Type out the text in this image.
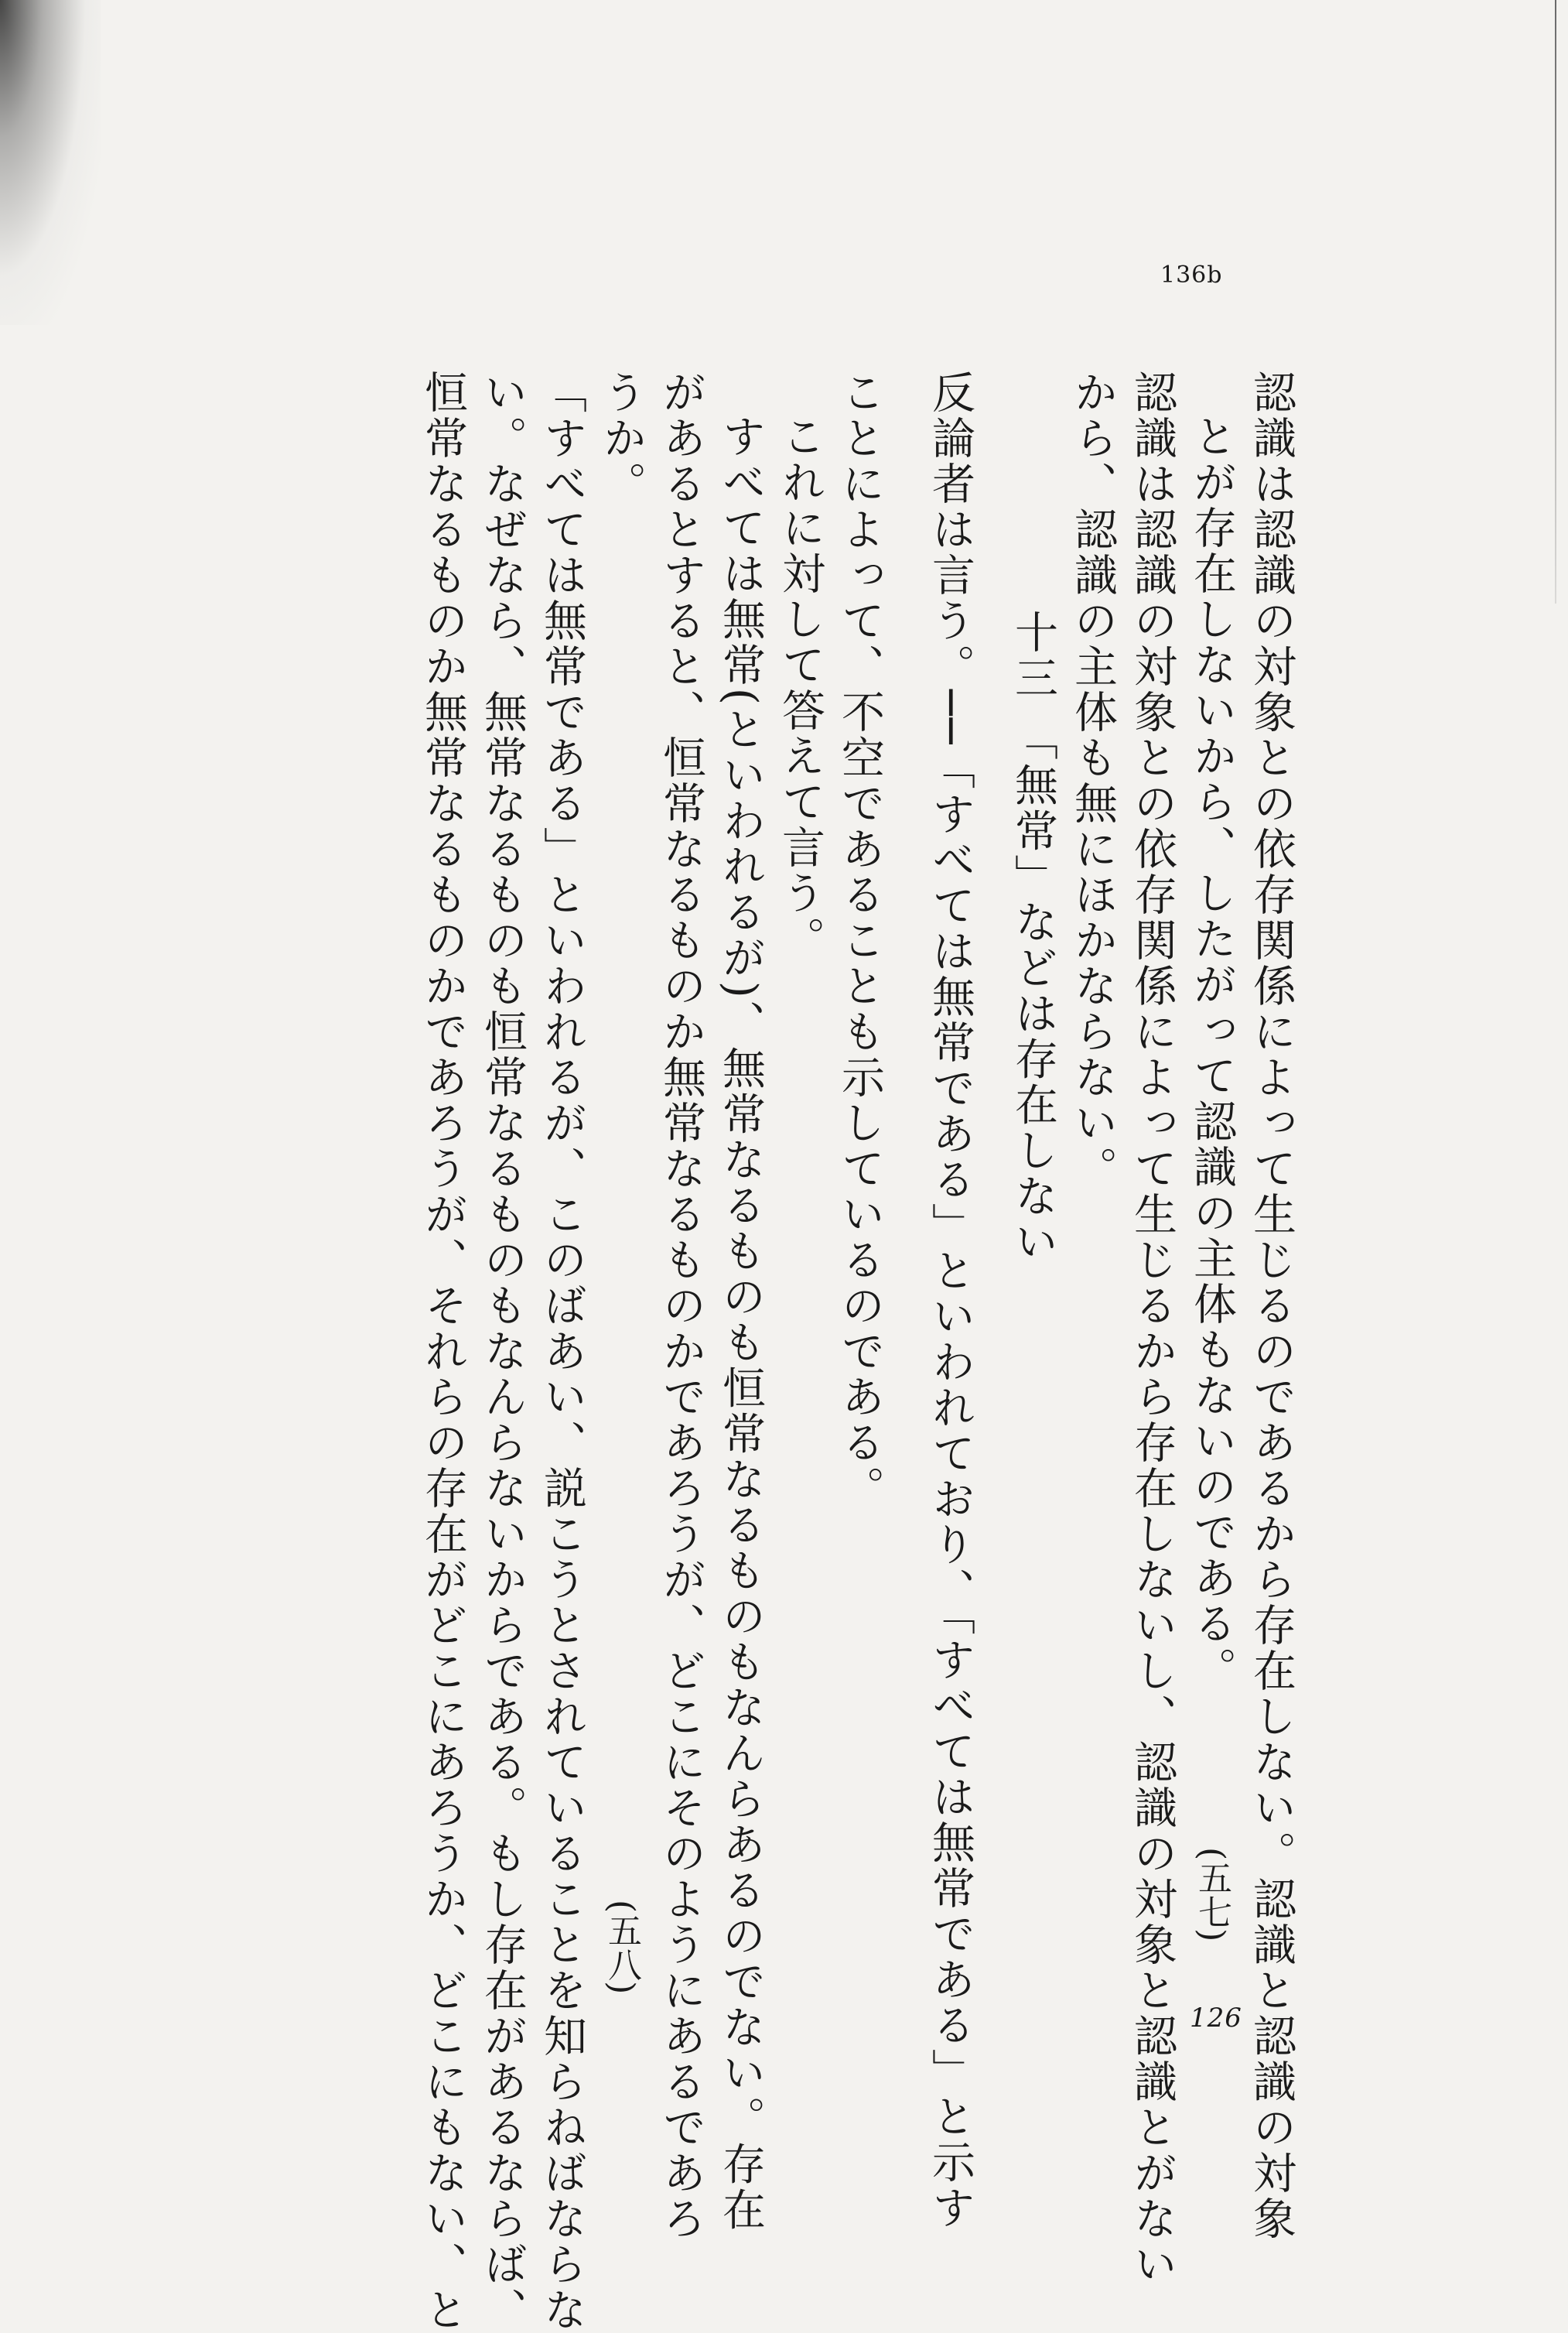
136b
126 認識は認識の対象との依存関係によって生じるのであるから存在しない。認識と認識の対象
とが存在しないから、したがって認識の主体もないのである。(五七)
認識は認識の対象との依存関係によって生じるから存在しないし、認識の対象と認識とがない
から、認識の主体も無にほかならない。
十三 「無常」などは存在しない
反論者は言う。──「すべては無常である」といわれており、「すべては無常である」と示す
ことによって、不空であることも示しているのである。
これに対して答えて言う。
すべては無常(といわれるが)、無常なるものも恒常なるものもなんらあるのでない。存在
があるとすると、恒常なるものか無常なるものかであろうが、どこにそのようにあるであろ
うか。(五八)
「すべては無常である」といわれるが、このばあい、説こうとされていることを知らねばならな
い。なぜなら、無常なるものも恒常なるものもなんらないからである。もし存在があるならば、
恒常なるものか無常なるものかであろうが、それらの存在がどこにあろうか、どこにもない、と
